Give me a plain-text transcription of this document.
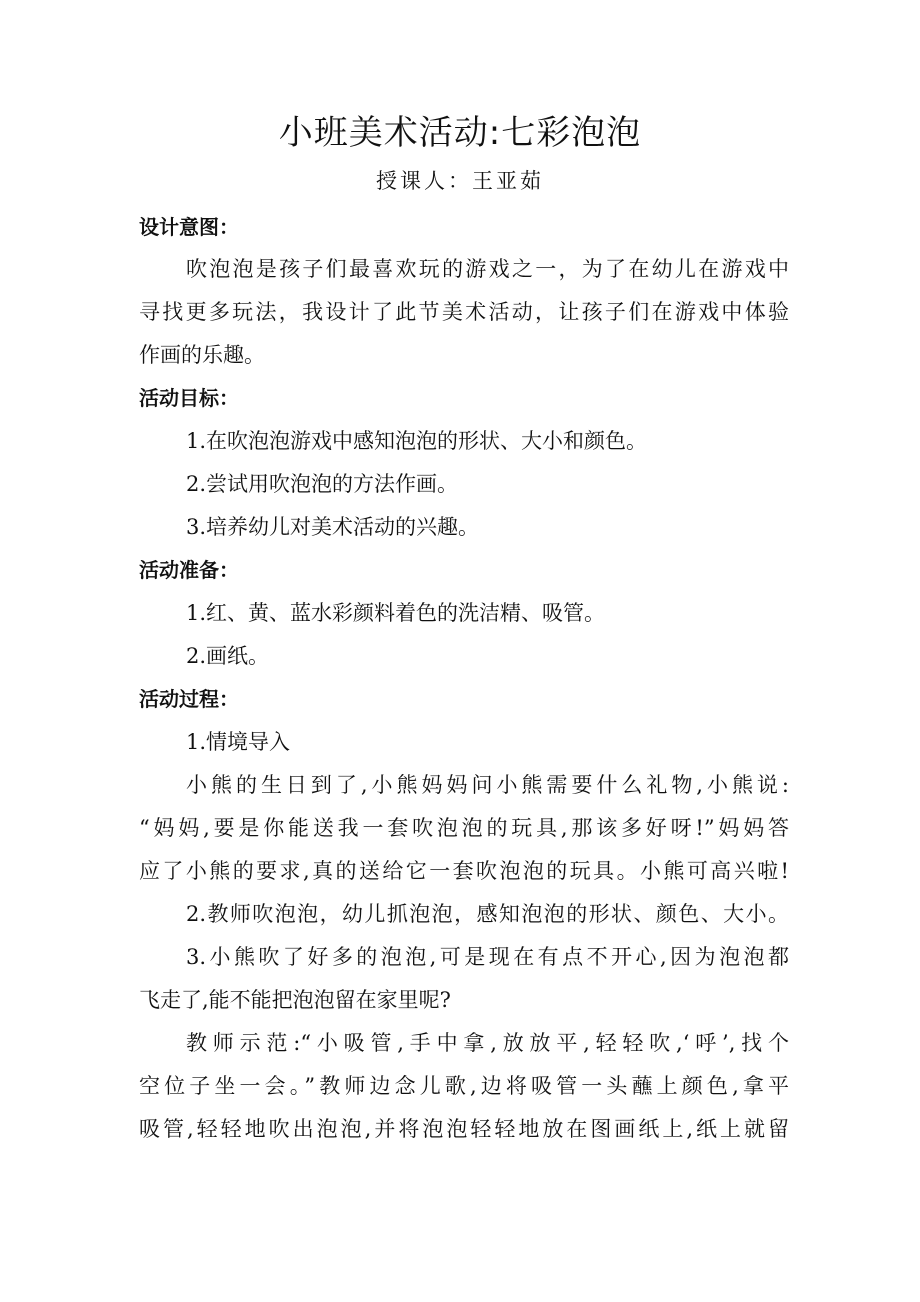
小班美术活动:七彩泡泡
授课人：王亚茹
设计意图：
吹泡泡是孩子们最喜欢玩的游戏之一，为了在幼儿在游戏中
寻找更多玩法，我设计了此节美术活动，让孩子们在游戏中体验
作画的乐趣。
活动目标：
1.在吹泡泡游戏中感知泡泡的形状、大小和颜色。
2.尝试用吹泡泡的方法作画。
3.培养幼儿对美术活动的兴趣。
活动准备：
1.红、黄、蓝水彩颜料着色的洗洁精、吸管。
2.画纸。
活动过程：
1.情境导入
小熊的生日到了,小熊妈妈问小熊需要什么礼物,小熊说:
“妈妈,要是你能送我一套吹泡泡的玩具,那该多好呀!”妈妈答
应了小熊的要求,真的送给它一套吹泡泡的玩具。小熊可高兴啦!
2.教师吹泡泡，幼儿抓泡泡，感知泡泡的形状、颜色、大小。
3.小熊吹了好多的泡泡,可是现在有点不开心,因为泡泡都
飞走了,能不能把泡泡留在家里呢?
教师示范:“小吸管,手中拿,放放平,轻轻吹,‘呼’,找个
空位子坐一会。”教师边念儿歌,边将吸管一头蘸上颜色,拿平
吸管,轻轻地吹出泡泡,并将泡泡轻轻地放在图画纸上,纸上就留
